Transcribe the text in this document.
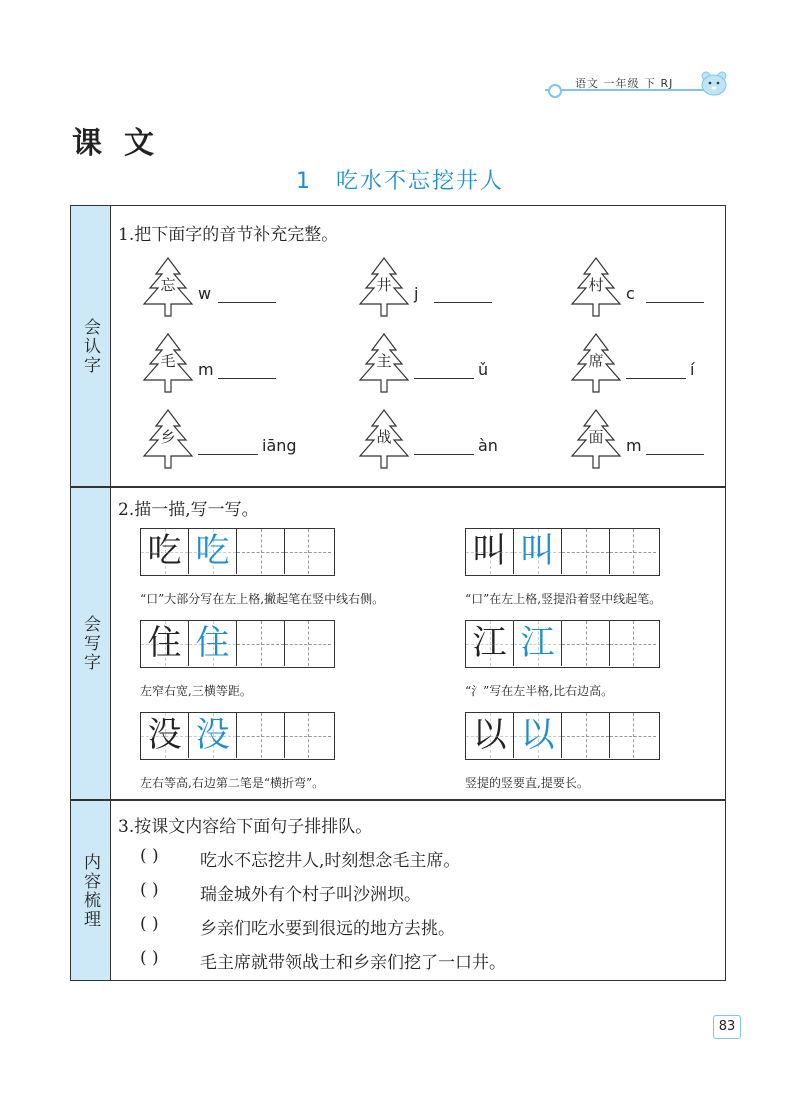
语文 一年级 下 RJ
课文
1 吃水不忘挖井人
会认字
会写字
内容梳理
1.把下面字的音节补充完整。
忘	w	井	j	村	c
毛	m	主	ǔ	席	í
乡	iāng	战	àn	面	m
2.描一描,写一写。
吃 吃
“口”大部分写在左上格,撇起笔在竖中线右侧。
叫 叫
“口”在左上格,竖提沿着竖中线起笔。
住 住
左窄右宽,三横等距。
江 江
“氵”写在左半格,比右边高。
没 没
左右等高,右边第二笔是“横折弯”。
以 以
竖提的竖要直,提要长。
3.按课文内容给下面句子排排队。
( ) 吃水不忘挖井人,时刻想念毛主席。
( ) 瑞金城外有个村子叫沙洲坝。
( ) 乡亲们吃水要到很远的地方去挑。
( ) 毛主席就带领战士和乡亲们挖了一口井。
83
